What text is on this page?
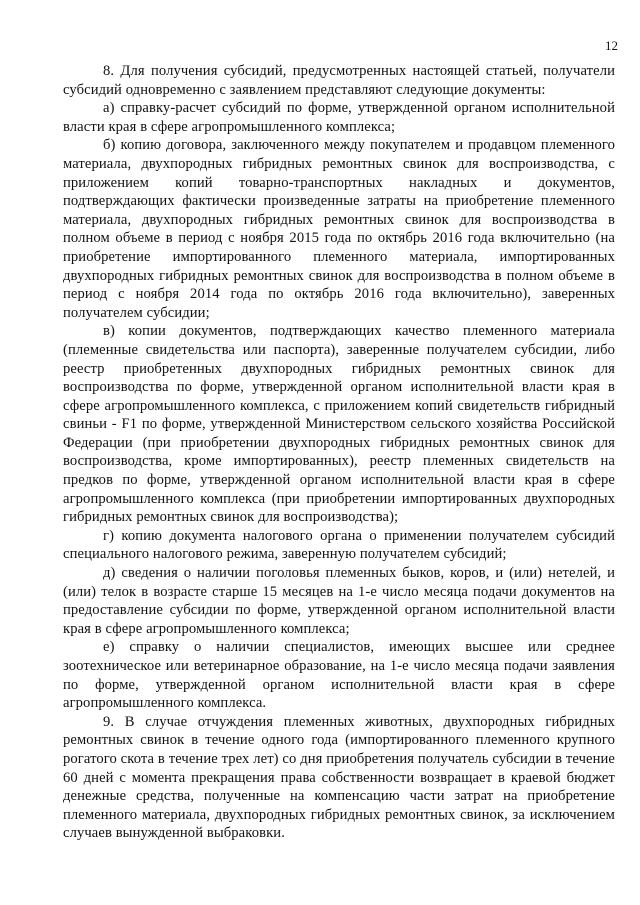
12

8. Для получения субсидий, предусмотренных настоящей статьей, получатели субсидий одновременно с заявлением представляют следующие документы:

а) справку-расчет субсидий по форме, утвержденной органом исполнительной власти края в сфере агропромышленного комплекса;

б) копию договора, заключенного между покупателем и продавцом племенного материала, двухпородных гибридных ремонтных свинок для воспроизводства, с приложением копий товарно-транспортных накладных и документов, подтверждающих фактически произведенные затраты на приобретение племенного материала, двухпородных гибридных ремонтных свинок для воспроизводства в полном объеме в период с ноября 2015 года по октябрь 2016 года включительно (на приобретение импортированного племенного материала, импортированных двухпородных гибридных ремонтных свинок для воспроизводства в полном объеме в период с ноября 2014 года по октябрь 2016 года включительно), заверенных получателем субсидии;

в) копии документов, подтверждающих качество племенного материала (племенные свидетельства или паспорта), заверенные получателем субсидии, либо реестр приобретенных двухпородных гибридных ремонтных свинок для воспроизводства по форме, утвержденной органом исполнительной власти края в сфере агропромышленного комплекса, с приложением копий свидетельств гибридный свиньи - F1 по форме, утвержденной Министерством сельского хозяйства Российской Федерации (при приобретении двухпородных гибридных ремонтных свинок для воспроизводства, кроме импортированных), реестр племенных свидетельств на предков по форме, утвержденной органом исполнительной власти края в сфере агропромышленного комплекса (при приобретении импортированных двухпородных гибридных ремонтных свинок для воспроизводства);

г) копию документа налогового органа о применении получателем субсидий специального налогового режима, заверенную получателем субсидий;

д) сведения о наличии поголовья племенных быков, коров, и (или) нетелей, и (или) телок в возрасте старше 15 месяцев на 1-е число месяца подачи документов на предоставление субсидии по форме, утвержденной органом исполнительной власти края в сфере агропромышленного комплекса;

е) справку о наличии специалистов, имеющих высшее или среднее зоотехническое или ветеринарное образование, на 1-е число месяца подачи заявления по форме, утвержденной органом исполнительной власти края в сфере агропромышленного комплекса.

9. В случае отчуждения племенных животных, двухпородных гибридных ремонтных свинок в течение одного года (импортированного племенного крупного рогатого скота в течение трех лет) со дня приобретения получатель субсидии в течение 60 дней с момента прекращения права собственности возвращает в краевой бюджет денежные средства, полученные на компенсацию части затрат на приобретение племенного материала, двухпородных гибридных ремонтных свинок, за исключением случаев вынужденной выбраковки.
